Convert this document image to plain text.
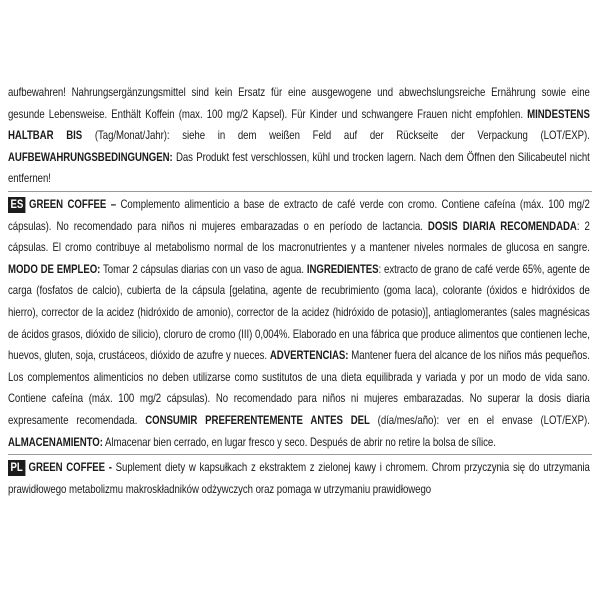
aufbewahren! Nahrungsergänzungsmittel sind kein Ersatz für eine ausgewogene und abwechslungsreiche Ernährung sowie eine gesunde Lebensweise. Enthält Koffein (max. 100 mg/2 Kapsel). Für Kinder und schwangere Frauen nicht empfohlen. MINDESTENS HALTBAR BIS (Tag/Monat/Jahr): siehe in dem weißen Feld auf der Rückseite der Verpackung (LOT/EXP). AUFBEWAHRUNGSBEDINGUNGEN: Das Produkt fest verschlossen, kühl und trocken lagern. Nach dem Öffnen den Silicabeutel nicht entfernen!
ES GREEN COFFEE – Complemento alimenticio a base de extracto de café verde con cromo. Contiene cafeína (máx. 100 mg/2 cápsulas). No recomendado para niños ni mujeres embarazadas o en período de lactancia. DOSIS DIARIA RECOMENDADA: 2 cápsulas. El cromo contribuye al metabolismo normal de los macronutrientes y a mantener niveles normales de glucosa en sangre. MODO DE EMPLEO: Tomar 2 cápsulas diarias con un vaso de agua. INGREDIENTES: extracto de grano de café verde 65%, agente de carga (fosfatos de calcio), cubierta de la cápsula [gelatina, agente de recubrimiento (goma laca), colorante (óxidos e hidróxidos de hierro), corrector de la acidez (hidróxido de amonio), corrector de la acidez (hidróxido de potasio)], antiaglomerantes (sales magnésicas de ácidos grasos, dióxido de silicio), cloruro de cromo (III) 0,004%. Elaborado en una fábrica que produce alimentos que contienen leche, huevos, gluten, soja, crustáceos, dióxido de azufre y nueces. ADVERTENCIAS: Mantener fuera del alcance de los niños más pequeños. Los complementos alimenticios no deben utilizarse como sustitutos de una dieta equilibrada y variada y por un modo de vida sano. Contiene cafeína (máx. 100 mg/2 cápsulas). No recomendado para niños ni mujeres embarazadas. No superar la dosis diaria expresamente recomendada. CONSUMIR PREFERENTEMENTE ANTES DEL (día/mes/año): ver en el envase (LOT/EXP). ALMACENAMIENTO: Almacenar bien cerrado, en lugar fresco y seco. Después de abrir no retire la bolsa de sílice.
PL GREEN COFFEE - Suplement diety w kapsułkach z ekstraktem z zielonej kawy i chromem. Chrom przyczynia się do utrzymania prawidłowego metabolizmu makroskładników odżywczych oraz pomaga w utrzymaniu prawidłowego
